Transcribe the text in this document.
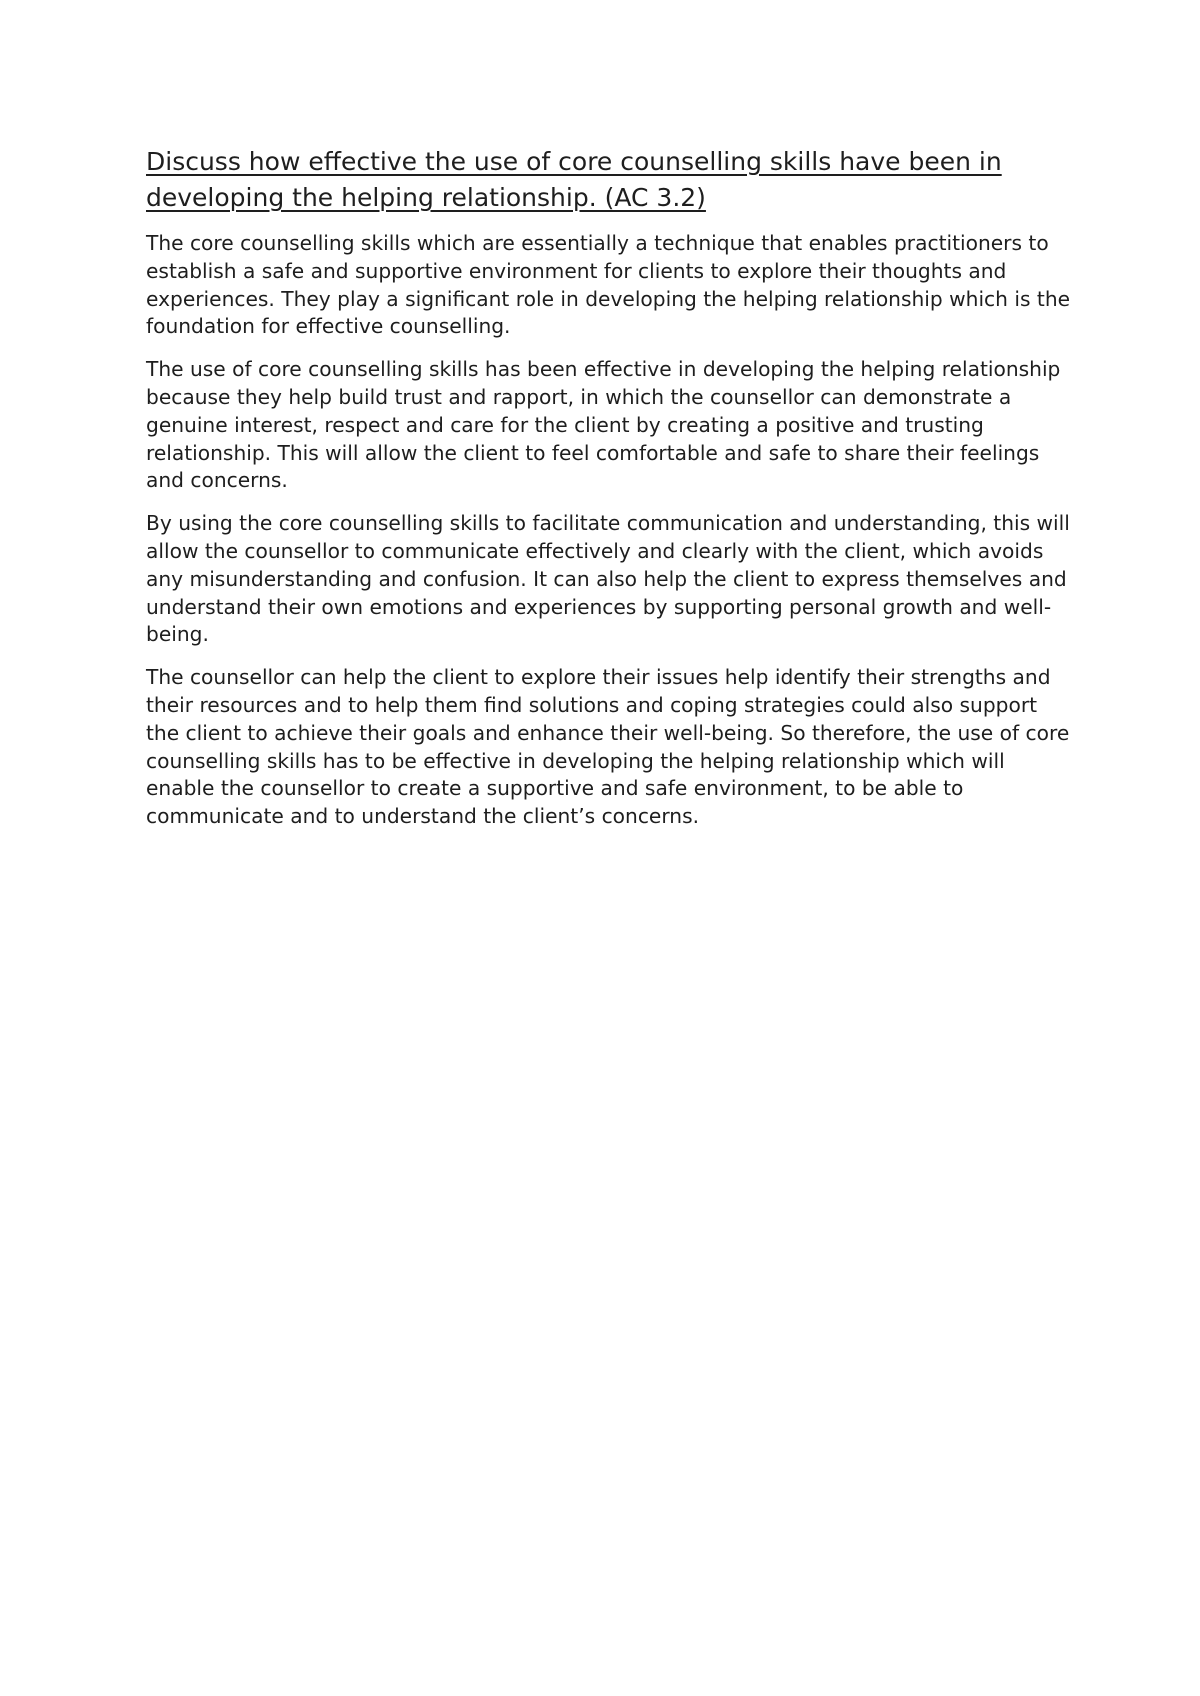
Discuss how effective the use of core counselling skills have been in developing the helping relationship. (AC 3.2)

The core counselling skills which are essentially a technique that enables practitioners to establish a safe and supportive environment for clients to explore their thoughts and experiences. They play a significant role in developing the helping relationship which is the foundation for effective counselling.

The use of core counselling skills has been effective in developing the helping relationship because they help build trust and rapport, in which the counsellor can demonstrate a genuine interest, respect and care for the client by creating a positive and trusting relationship. This will allow the client to feel comfortable and safe to share their feelings and concerns.

By using the core counselling skills to facilitate communication and understanding, this will allow the counsellor to communicate effectively and clearly with the client, which avoids any misunderstanding and confusion. It can also help the client to express themselves and understand their own emotions and experiences by supporting personal growth and well-being.

The counsellor can help the client to explore their issues help identify their strengths and their resources and to help them find solutions and coping strategies could also support the client to achieve their goals and enhance their well-being. So therefore, the use of core counselling skills has to be effective in developing the helping relationship which will enable the counsellor to create a supportive and safe environment, to be able to communicate and to understand the client’s concerns.
